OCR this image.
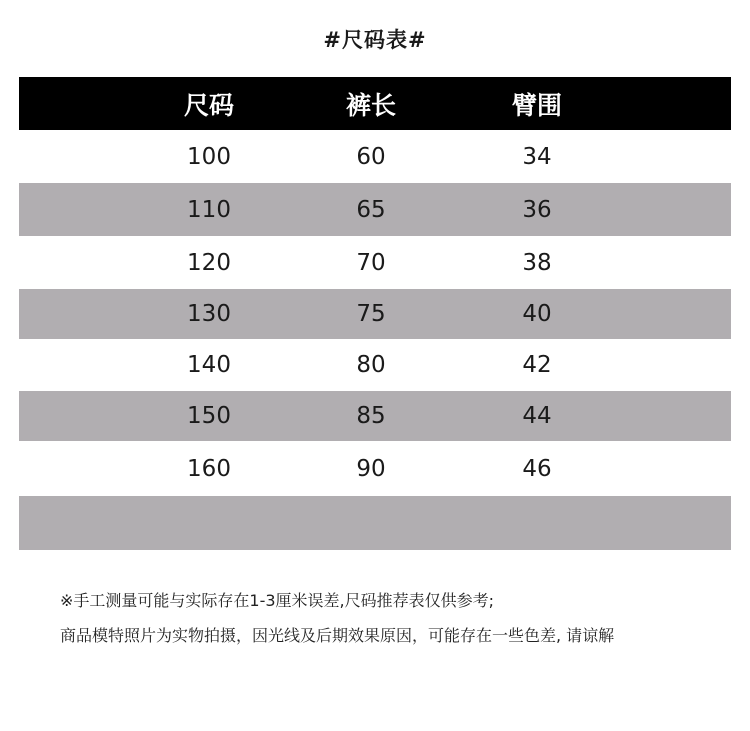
#尺码表#
尺码	裤长	臂围
100	60	34
110	65	36
120	70	38
130	75	40
140	80	42
150	85	44
160	90	46
※手工测量可能与实际存在1-3厘米误差,尺码推荐表仅供参考;
商品模特照片为实物拍摄，因光线及后期效果原因，可能存在一些色差, 请谅解
